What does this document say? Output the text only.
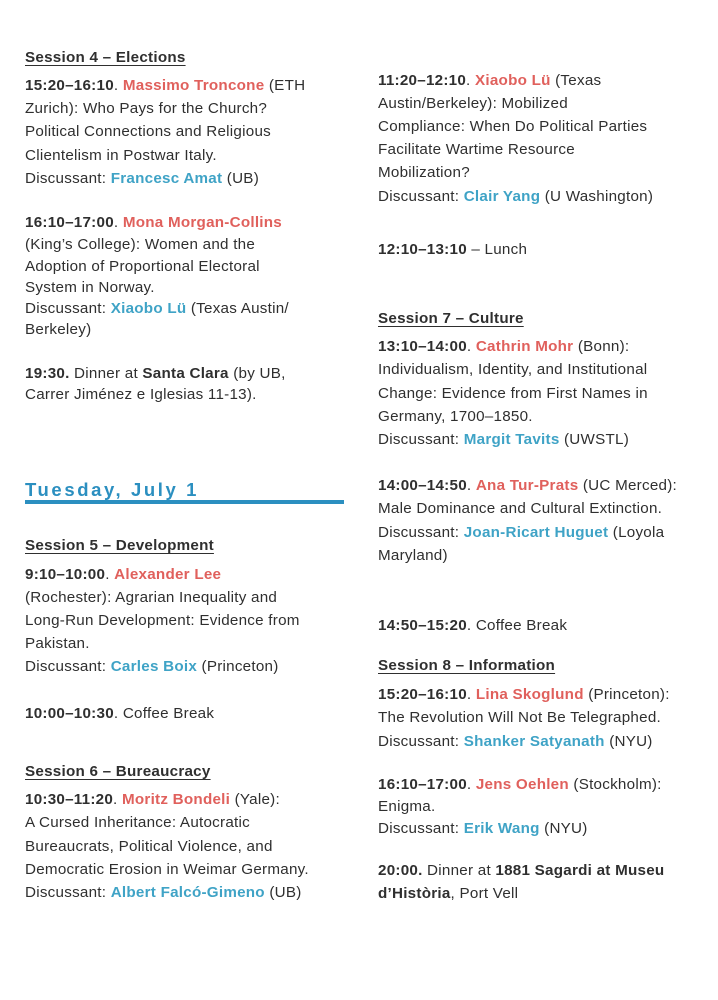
Session 4 – Elections
15:20–16:10. Massimo Troncone (ETH
Zurich): Who Pays for the Church?
Political Connections and Religious
Clientelism in Postwar Italy.
Discussant: Francesc Amat (UB)
16:10–17:00. Mona Morgan-Collins
(King’s College): Women and the
Adoption of Proportional Electoral
System in Norway.
Discussant: Xiaobo Lü (Texas Austin/
Berkeley)
19:30. Dinner at Santa Clara (by UB,
Carrer Jiménez e Iglesias 11-13).
Session 5 – Development
9:10–10:00. Alexander Lee
(Rochester): Agrarian Inequality and
Long-Run Development: Evidence from
Pakistan.
Discussant: Carles Boix (Princeton)
10:00–10:30. Coffee Break
Session 6 – Bureaucracy
10:30–11:20. Moritz Bondeli (Yale):
A Cursed Inheritance: Autocratic
Bureaucrats, Political Violence, and
Democratic Erosion in Weimar Germany.
Discussant: Albert Falcó-Gimeno (UB)
Tuesday, July 1
11:20–12:10. Xiaobo Lü (Texas
Austin/Berkeley): Mobilized
Compliance: When Do Political Parties
Facilitate Wartime Resource
Mobilization?
Discussant: Clair Yang (U Washington)
12:10–13:10 – Lunch
Session 7 – Culture
13:10–14:00. Cathrin Mohr (Bonn):
Individualism, Identity, and Institutional
Change: Evidence from First Names in
Germany, 1700–1850.
Discussant: Margit Tavits (UWSTL)
14:00–14:50. Ana Tur-Prats (UC Merced):
Male Dominance and Cultural Extinction.
Discussant: Joan-Ricart Huguet (Loyola
Maryland)
14:50–15:20. Coffee Break
Session 8 – Information
15:20–16:10. Lina Skoglund (Princeton):
The Revolution Will Not Be Telegraphed.
Discussant: Shanker Satyanath (NYU)
16:10–17:00. Jens Oehlen (Stockholm):
Enigma.
Discussant: Erik Wang (NYU)
20:00. Dinner at 1881 Sagardi at Museu
d’Història, Port Vell
